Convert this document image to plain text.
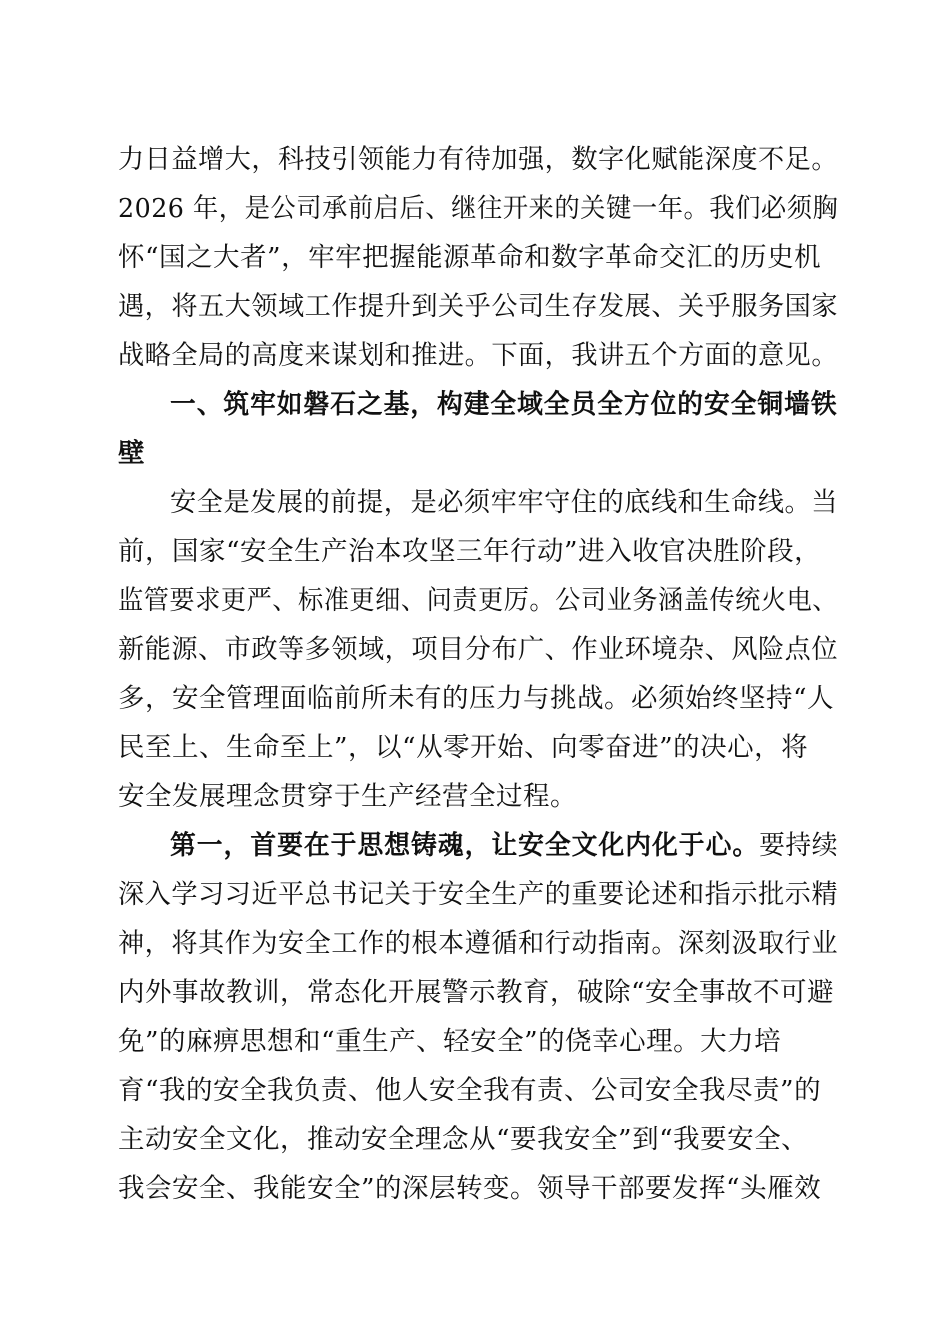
力日益增大，科技引领能力有待加强，数字化赋能深度不足。

2026 年，是公司承前启后、继往开来的关键一年。我们必须胸

怀“国之大者”，牢牢把握能源革命和数字革命交汇的历史机

遇，将五大领域工作提升到关乎公司生存发展、关乎服务国家

战略全局的高度来谋划和推进。下面，我讲五个方面的意见。

一、筑牢如磐石之基，构建全域全员全方位的安全铜墙铁

壁

安全是发展的前提，是必须牢牢守住的底线和生命线。当

前，国家“安全生产治本攻坚三年行动”进入收官决胜阶段，

监管要求更严、标准更细、问责更厉。公司业务涵盖传统火电、

新能源、市政等多领域，项目分布广、作业环境杂、风险点位

多，安全管理面临前所未有的压力与挑战。必须始终坚持“人

民至上、生命至上”，以“从零开始、向零奋进”的决心，将

安全发展理念贯穿于生产经营全过程。

第一，首要在于思想铸魂，让安全文化内化于心。要持续

深入学习习近平总书记关于安全生产的重要论述和指示批示精

神，将其作为安全工作的根本遵循和行动指南。深刻汲取行业

内外事故教训，常态化开展警示教育，破除“安全事故不可避

免”的麻痹思想和“重生产、轻安全”的侥幸心理。大力培

育“我的安全我负责、他人安全我有责、公司安全我尽责”的

主动安全文化，推动安全理念从“要我安全”到“我要安全、

我会安全、我能安全”的深层转变。领导干部要发挥“头雁效
